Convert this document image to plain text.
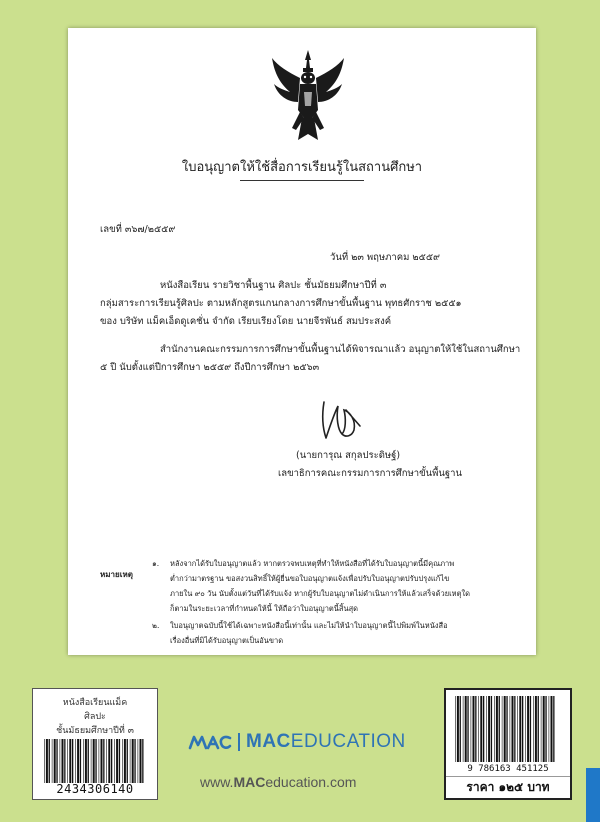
ใบอนุญาตให้ใช้สื่อการเรียนรู้ในสถานศึกษา
เลขที่ ๓๖๗/๒๕๕๙
วันที่ ๒๓ พฤษภาคม ๒๕๕๙
หนังสือเรียน รายวิชาพื้นฐาน ศิลปะ ชั้นมัธยมศึกษาปีที่ ๓
กลุ่มสาระการเรียนรู้ศิลปะ ตามหลักสูตรแกนกลางการศึกษาขั้นพื้นฐาน พุทธศักราช ๒๕๕๑
ของ บริษัท แม็คเอ็ดดูเคชั่น จำกัด เรียบเรียงโดย นายจีรพันธ์ สมประสงค์
สำนักงานคณะกรรมการการศึกษาขั้นพื้นฐานได้พิจารณาแล้ว อนุญาตให้ใช้ในสถานศึกษา
๕ ปี นับตั้งแต่ปีการศึกษา ๒๕๕๙ ถึงปีการศึกษา ๒๕๖๓
(นายการุณ สกุลประดิษฐ์)
เลขาธิการคณะกรรมการการศึกษาขั้นพื้นฐาน
หมายเหตุ
๑. หลังจากได้รับใบอนุญาตแล้ว หากตรวจพบเหตุที่ทำให้หนังสือที่ได้รับใบอนุญาตนี้มีคุณภาพ
ต่ำกว่ามาตรฐาน ขอสงวนสิทธิ์ให้ผู้ยื่นขอใบอนุญาตแจ้งเพื่อปรับใบอนุญาตปรับปรุงแก้ไข
ภายใน ๙๐ วัน นับตั้งแต่วันที่ได้รับแจ้ง หากผู้รับใบอนุญาตไม่ดำเนินการให้แล้วเสร็จด้วยเหตุใด
ก็ตามในระยะเวลาที่กำหนดให้นี้ ให้ถือว่าใบอนุญาตนี้สิ้นสุด
๒. ใบอนุญาตฉบับนี้ใช้ได้เฉพาะหนังสือนี้เท่านั้น และไม่ให้นำใบอนุญาตนี้ไปพิมพ์ในหนังสือ
เรื่องอื่นที่มิได้รับอนุญาตเป็นอันขาด
หนังสือเรียนแม็ค
ศิลปะ
ชั้นมัธยมศึกษาปีที่ ๓
2434306140
MACEDUCATION
www.MACeducation.com
9 786163 451125
ราคา ๑๒๕ บาท
